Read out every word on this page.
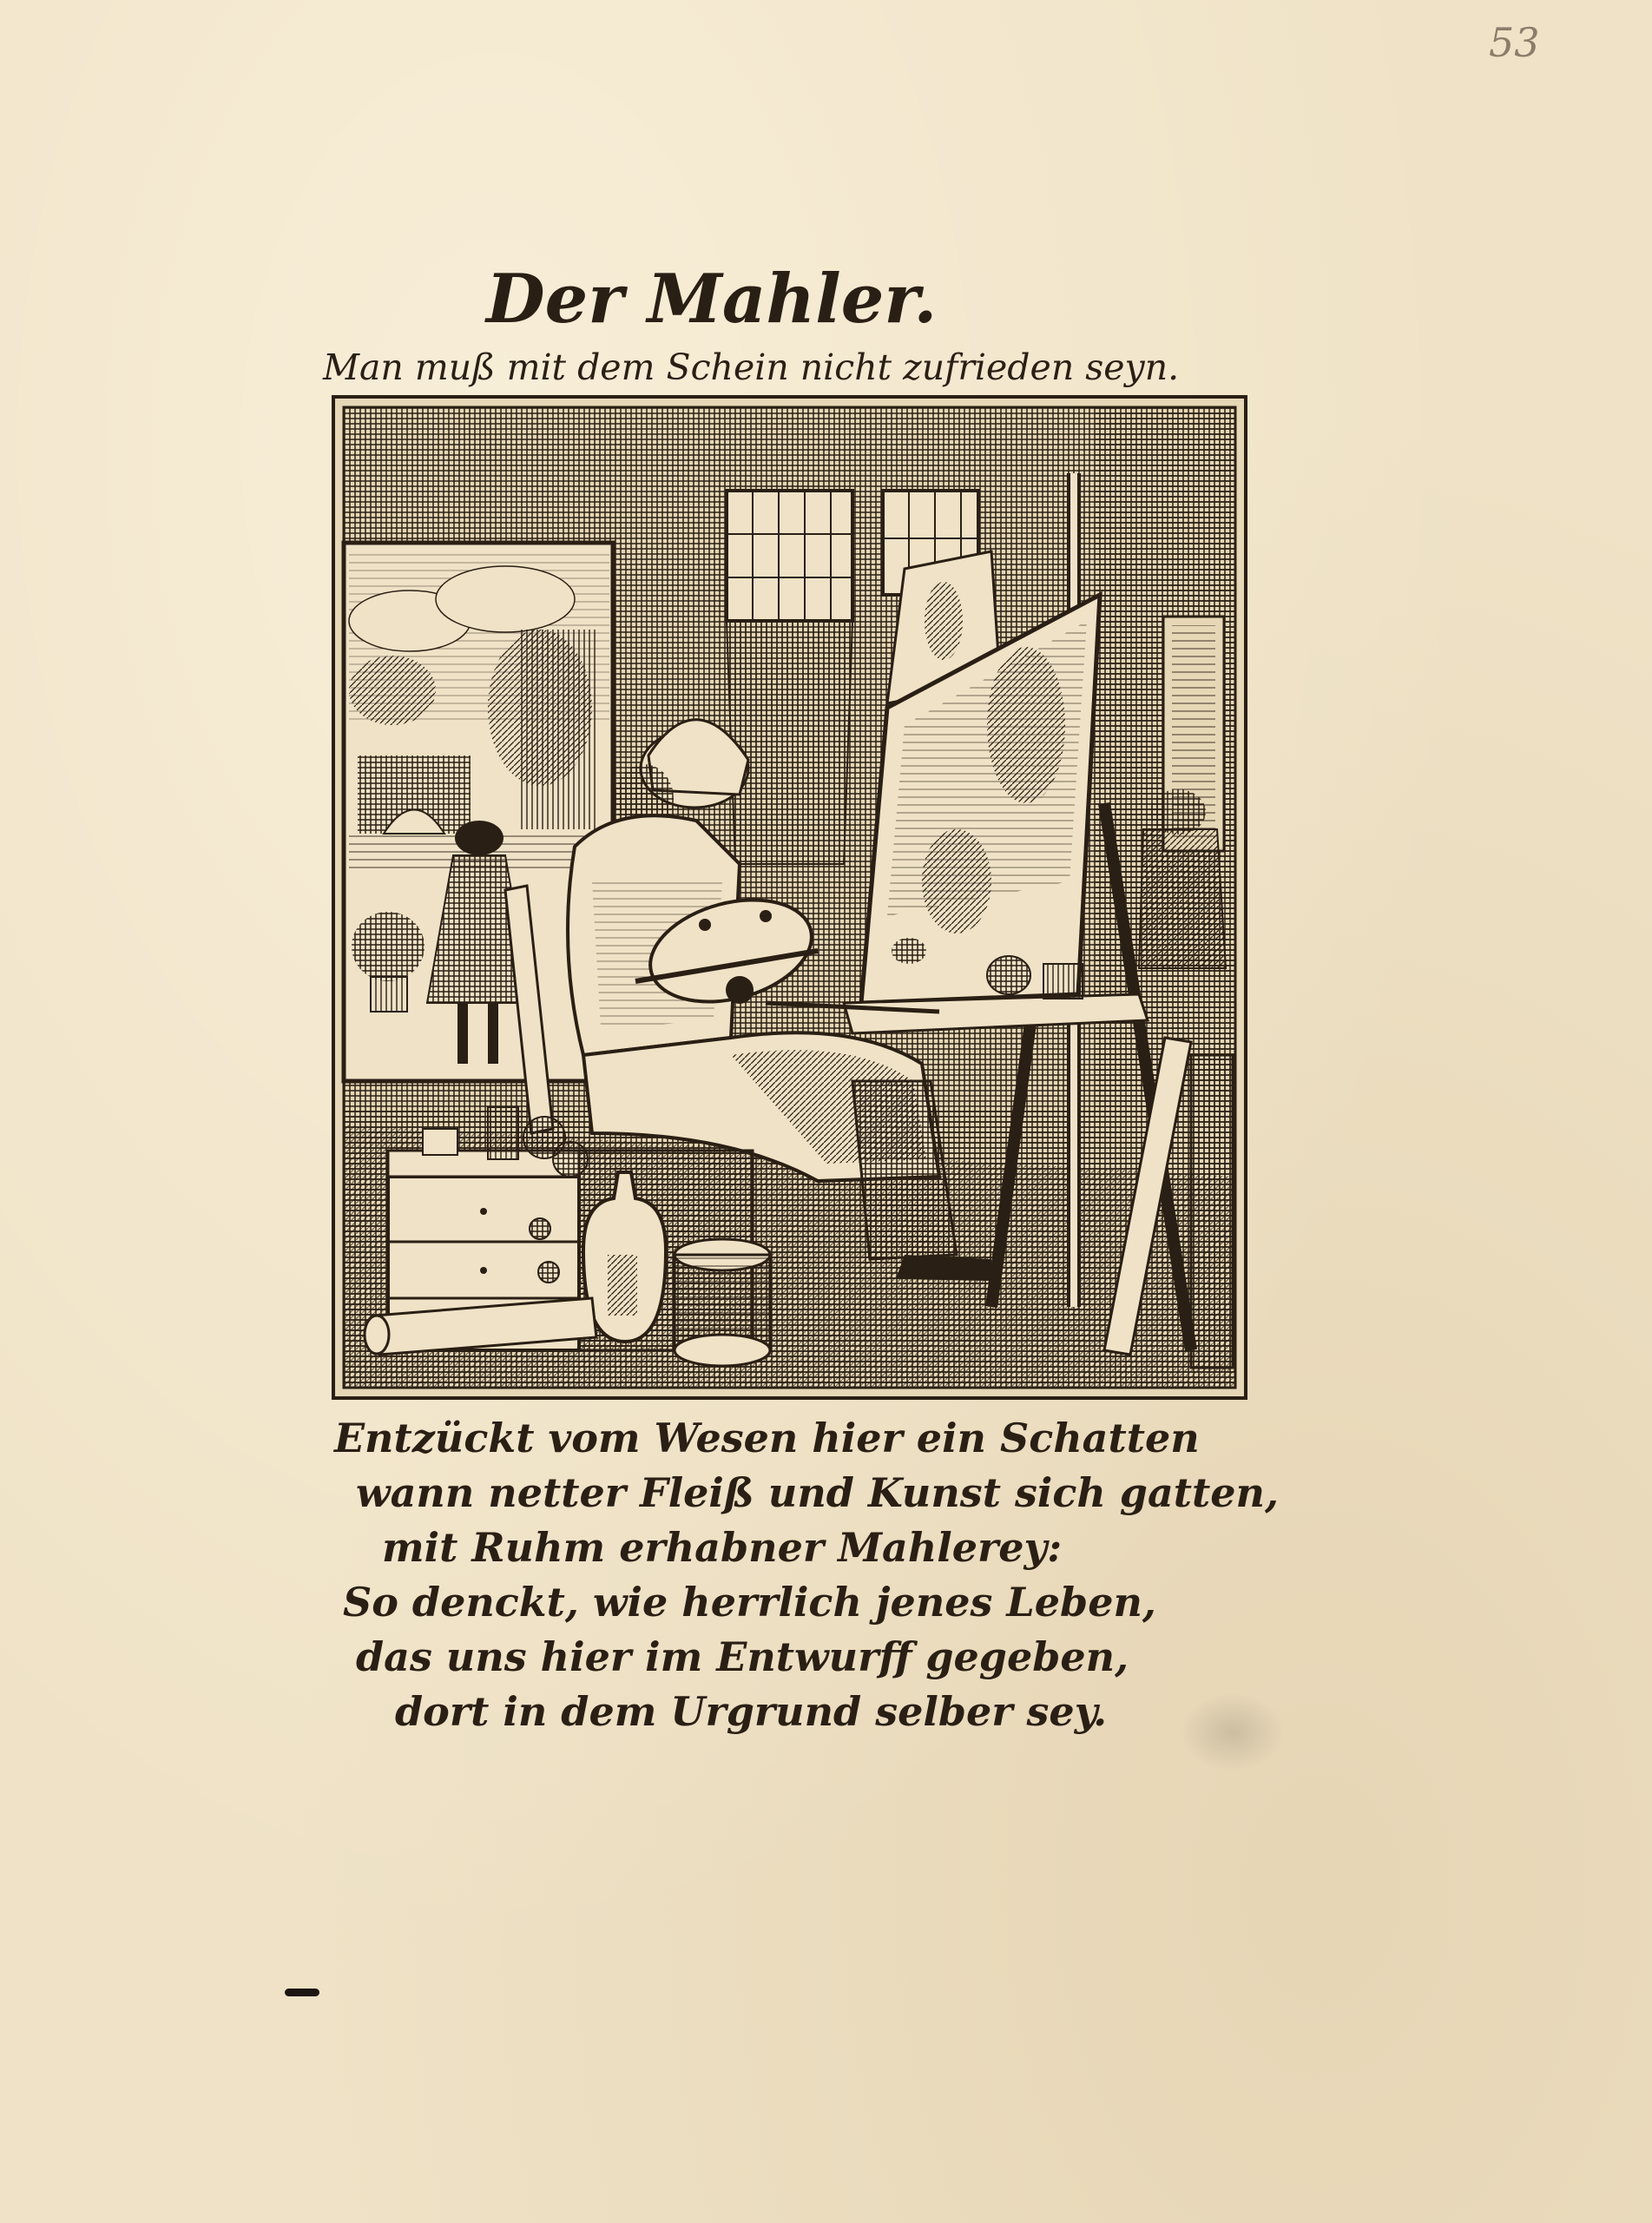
53

Der Mahler.

Man muß mit dem Schein nicht zufrieden seyn.

Entzückt vom Wesen hier ein Schatten

wann netter Fleiß und Kunst sich gatten,

mit Ruhm erhabner Mahlerey:

So denckt, wie herrlich jenes Leben,

das uns hier im Entwurff gegeben,

dort in dem Urgrund selber sey.
